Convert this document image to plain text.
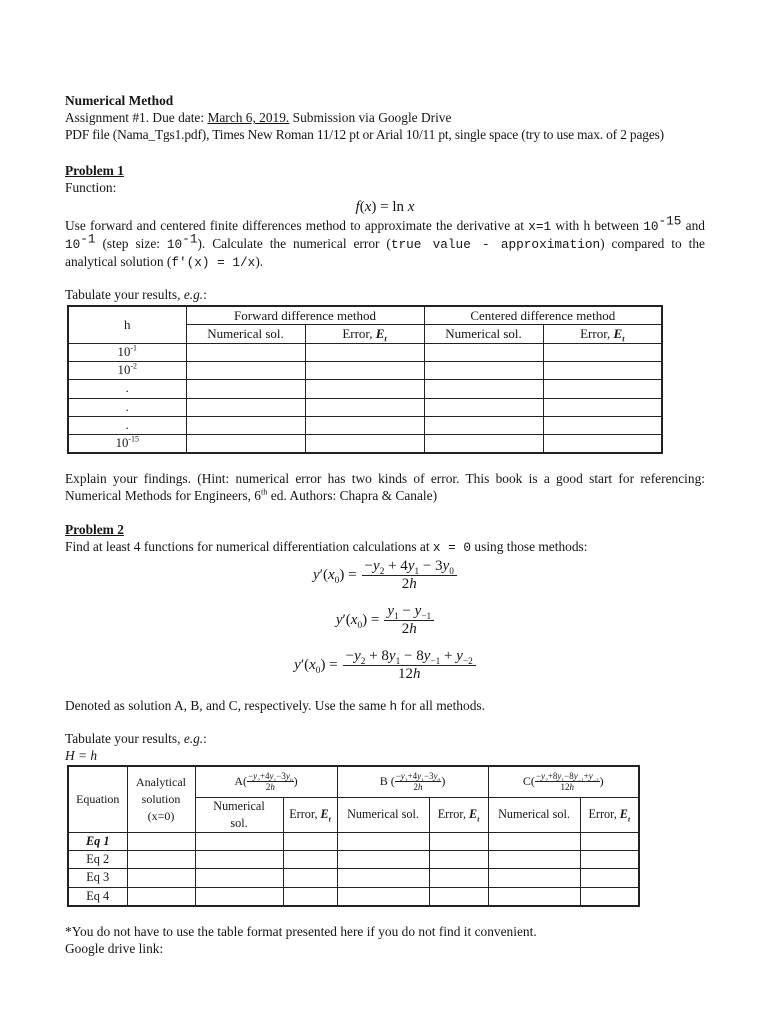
Numerical Method
Assignment #1. Due date: March 6, 2019. Submission via Google Drive
PDF file (Nama_Tgs1.pdf), Times New Roman 11/12 pt or Arial 10/11 pt, single space (try to use max. of 2 pages)
Problem 1
Function:
f(x) = ln x

Use forward and centered finite differences method to approximate the derivative at x=1 with h between $10^{-15}$ and $10^{-1}$ (step size: $10^{-1}$). Calculate the numerical error (true value - approximation) compared to the analytical solution (f'(x) = 1/x).

Tabulate your results, e.g.:
h	Forward difference method		Centered difference method	
	Numerical sol.	Error, $E_t$	Numerical sol.	Error, $E_t$
$10^{-1}$				
$10^{-2}$				
.				
.				
.				
$10^{-15}$				

Explain your findings. (Hint: numerical error has two kinds of error. This book is a good start for referencing: Numerical Methods for Engineers, 6th ed. Authors: Chapra & Canale)

Problem 2
Find at least 4 functions for numerical differentiation calculations at x = 0 using those methods:
$y'(x_0) = \frac{-y_2 + 4y_1 - 3y_0}{2h}$
$y'(x_0) = \frac{y_1 - y_{-1}}{2h}$
$y'(x_0) = \frac{-y_2 + 8y_1 - 8y_{-1} + y_{-2}}{12h}$
Denoted as solution A, B, and C, respectively. Use the same h for all methods.
Tabulate your results, e.g.:
H = h
Equation	Analytical
solution
(x=0)	$A( \frac{-y_2+4y_1-3y_0}{2h}$ )		B ( $\frac{-y_2+4y_1-3y_0}{2h}$ )		$C( \frac{-y_2+8y_1-8y_{-1}+y_{-2}}{12h}$ )	
		Numerical
sol.	Error, $E_t$	Numerical sol.	Error, $E_t$	Numerical sol.	Error, $E_t$
Eq 1							
Eq 2							
Eq 3							
Eq 4							
*You do not have to use the table format presented here if you do not find it convenient.
Google drive link:
